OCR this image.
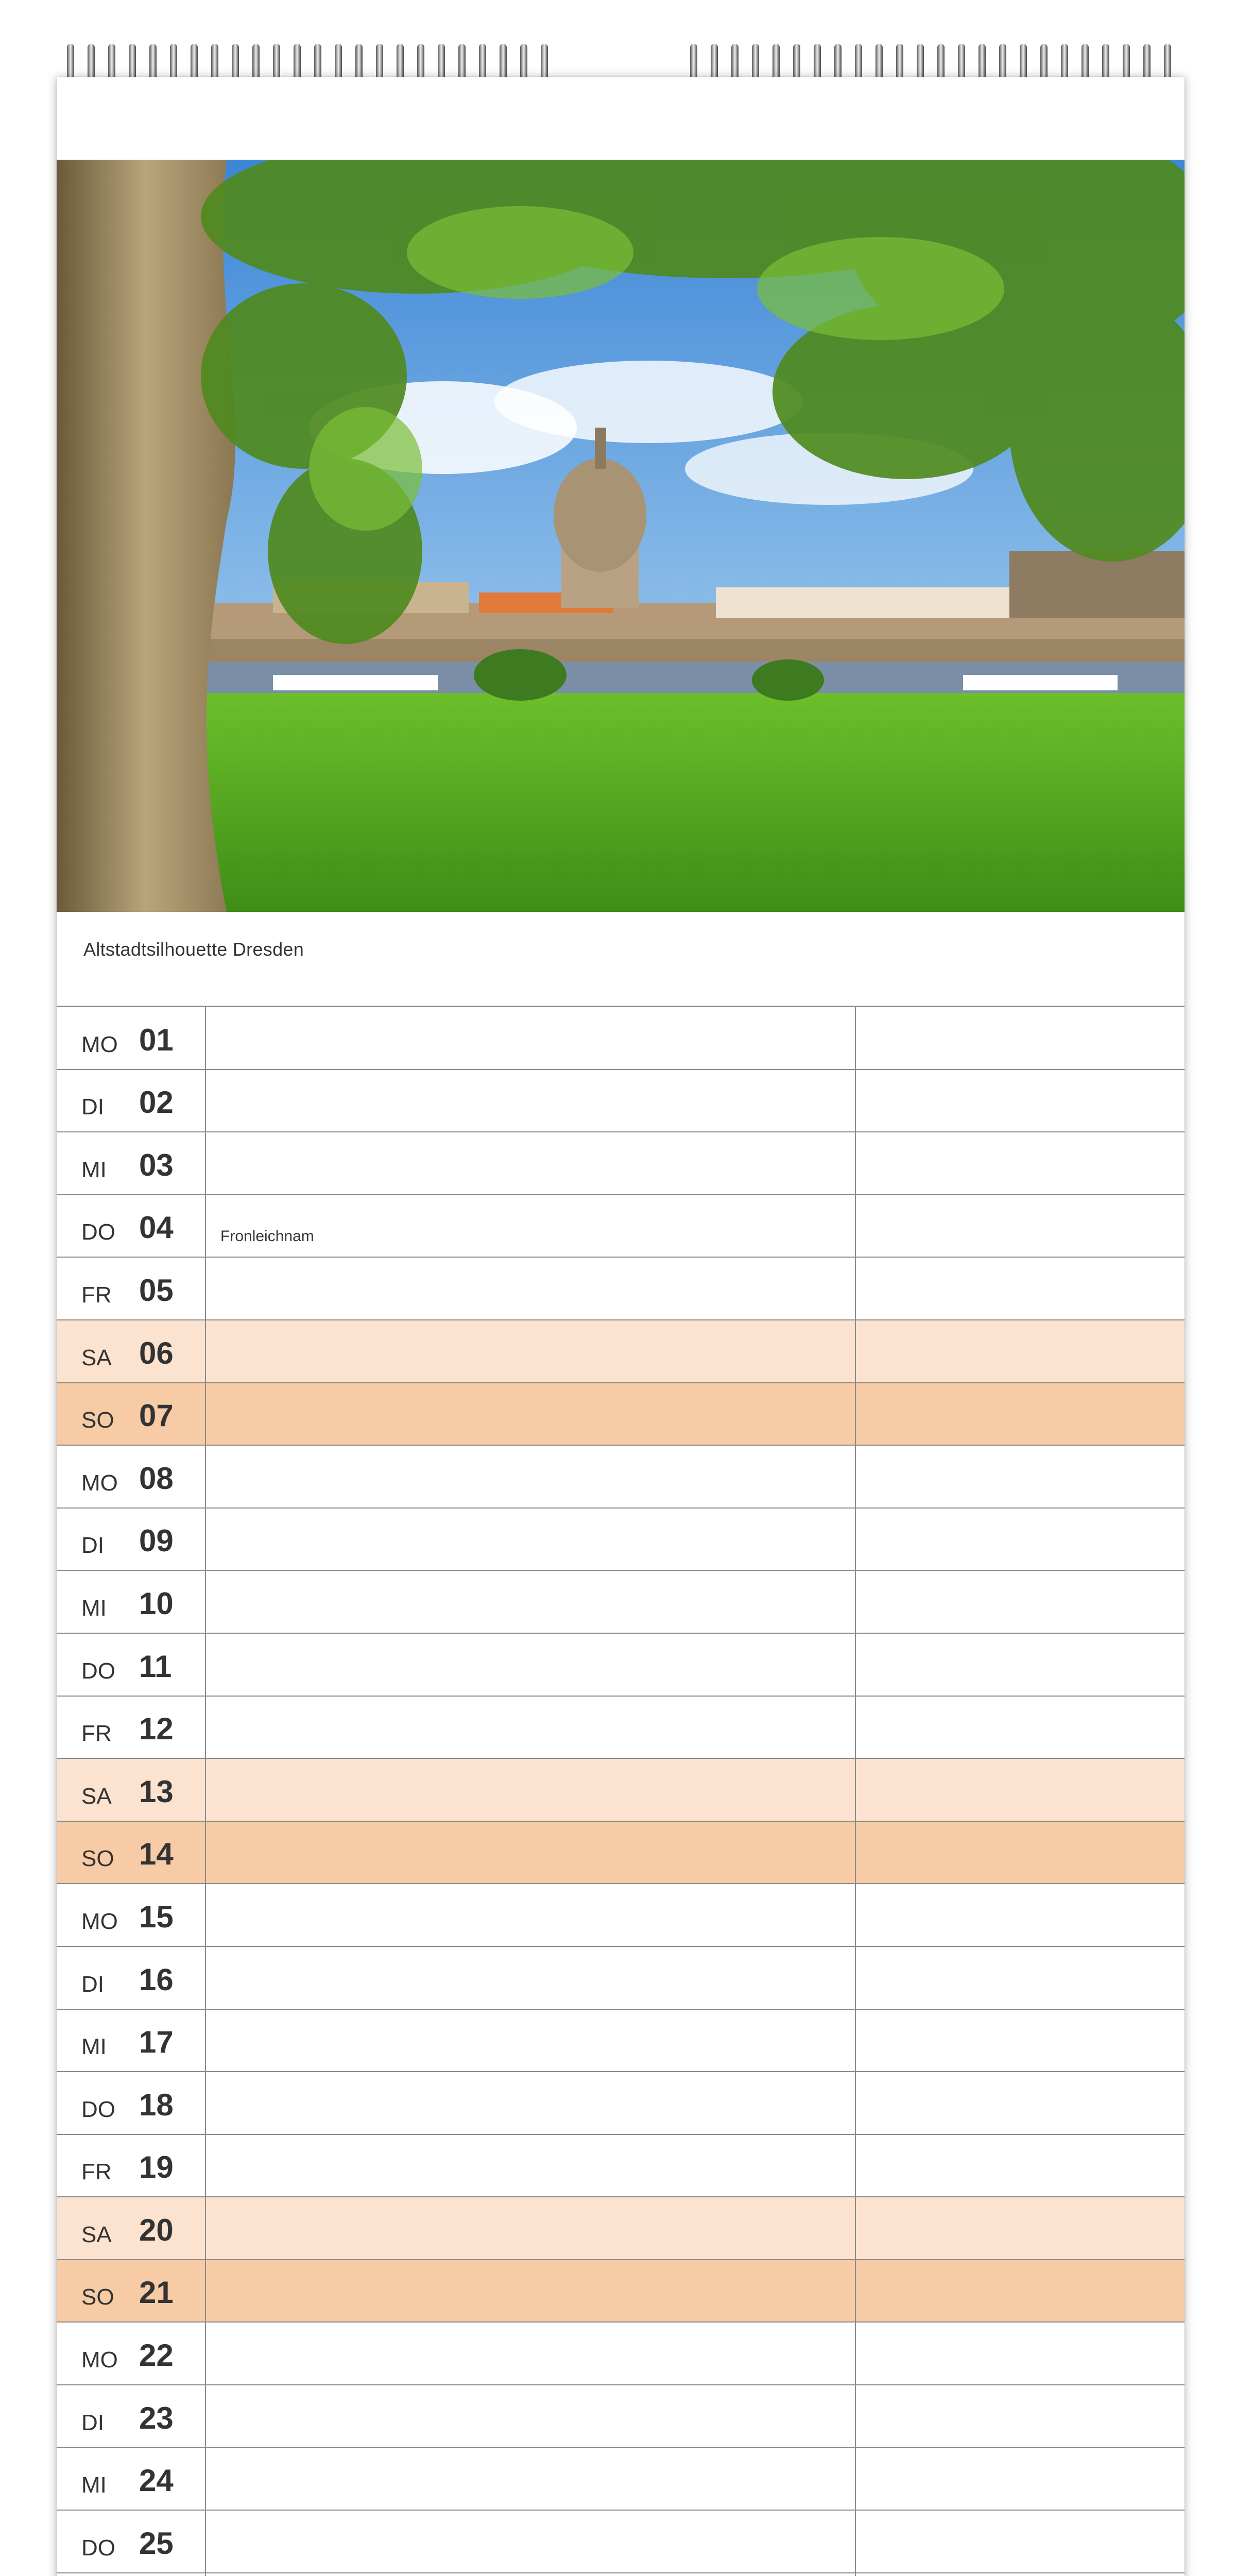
Altstadtsilhouette Dresden
MO 01
DI 02
MI 03
DO 04	Fronleichnam
FR 05
SA 06
SO 07
MO 08
DI 09
MI 10
DO 11
FR 12
SA 13
SO 14
MO 15
DI 16
MI 17
DO 18
FR 19
SA 20
SO 21
MO 22
DI 23
MI 24
DO 25
